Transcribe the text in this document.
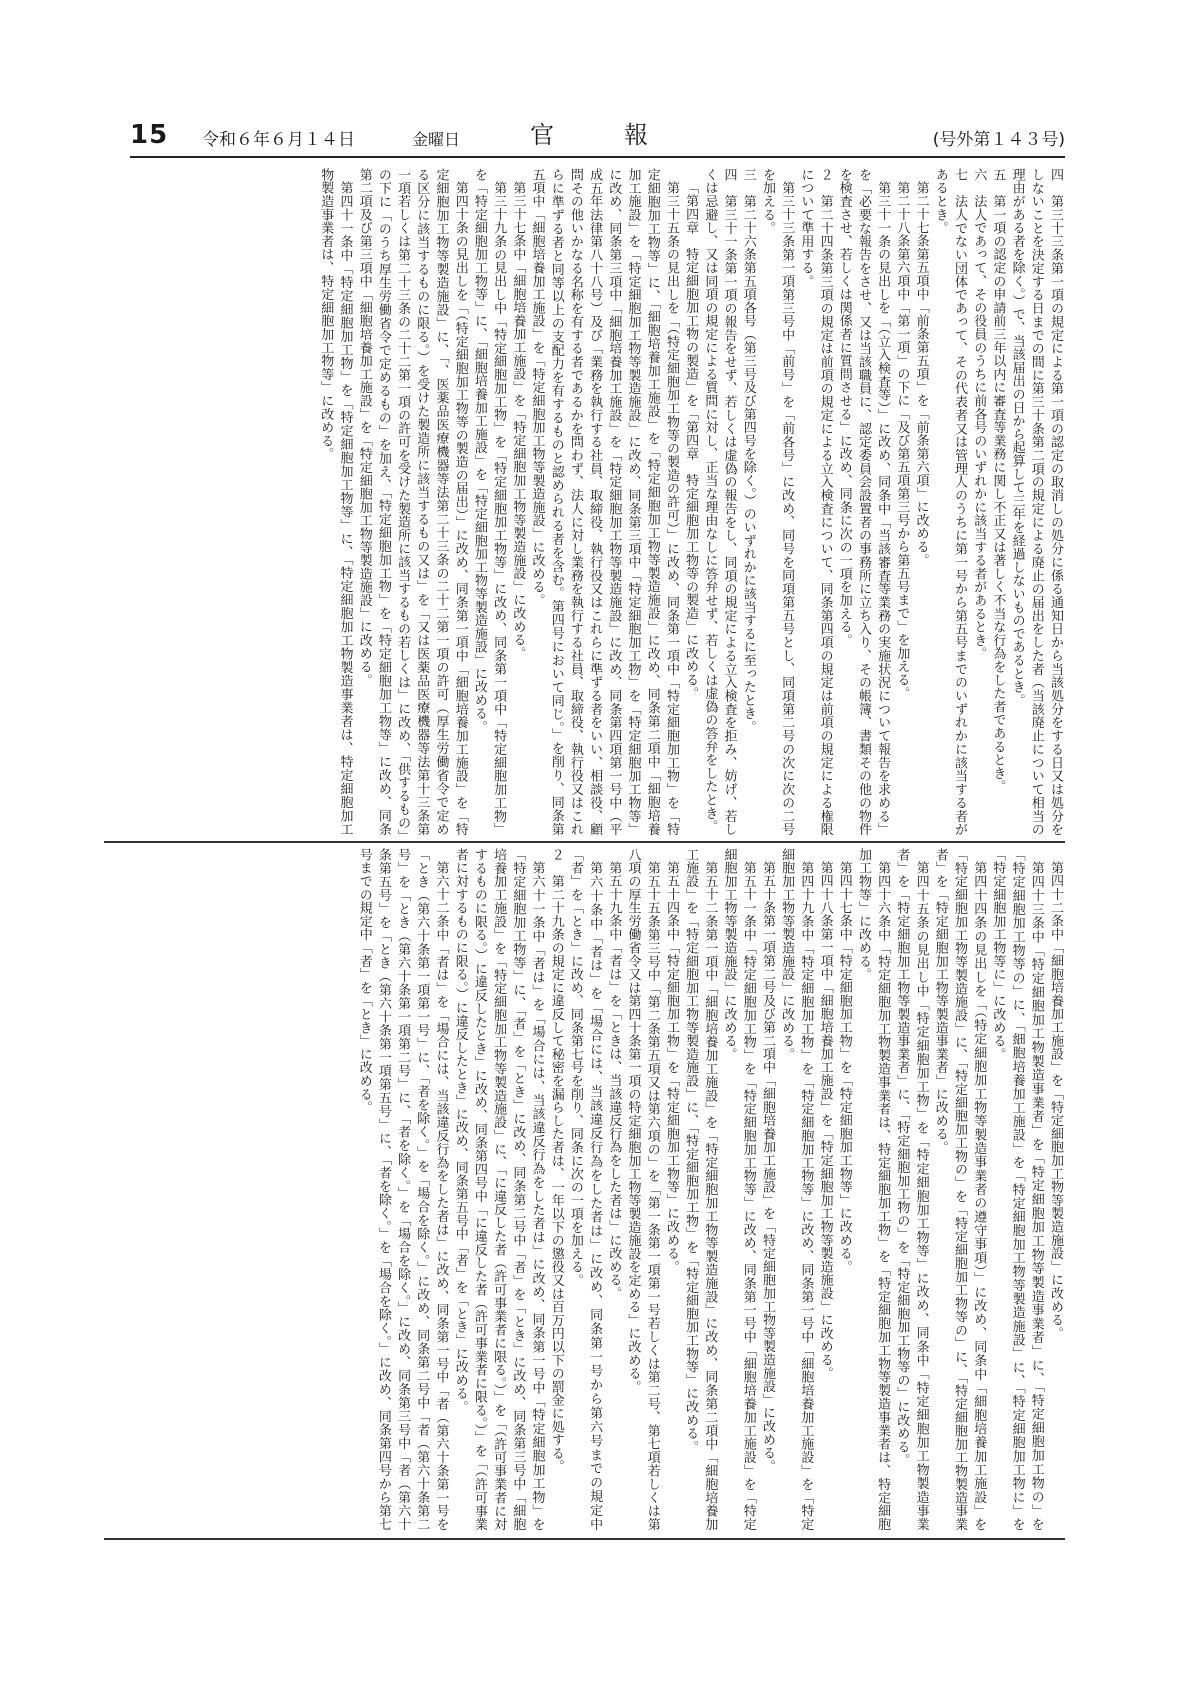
15 令和６年６月１４日	金曜日	官報	(号外第１４３号)

四　第三十三条第一項の規定による第一項の認定の取消しの処分に係る通知日から当該処分をする日又は処分をしないことを決定する日までの間に第三十条第二項の規定による廃止の届出をした者（当該廃止について相当の理由がある者を除く。）で、当該届出の日から起算して三年を経過しないものであるとき。

五　第一項の認定の申請前三年以内に審査等業務に関し不正又は著しく不当な行為をした者であるとき。

六　法人であって、その役員のうちに前各号のいずれかに該当する者があるとき。

七　法人でない団体であって、その代表者又は管理人のうちに第一号から第五号までのいずれかに該当する者があるとき。

第二十七条第五項中「前条第五項」を「前条第六項」に改める。

第二十八条第六項中「第一項」の下に「及び第五項第三号から第五号まで」を加える。

第三十一条の見出しを「（立入検査等）」に改め、同条中「当該審査等業務の実施状況について報告を求める」を「必要な報告をさせ、又は当該職員に、認定委員会設置者の事務所に立ち入り、その帳簿、書類その他の物件を検査させ、若しくは関係者に質問させる」に改め、同条に次の一項を加える。

２　第二十四条第三項の規定は前項の規定による立入検査について、同条第四項の規定は前項の規定による権限について準用する。

第三十三条第一項第三号中「前号」を「前各号」に改め、同号を同項第五号とし、同項第二号の次に次の二号を加える。

三　第二十六条第五項各号（第三号及び第四号を除く。）のいずれかに該当するに至ったとき。

四　第三十一条第一項の報告をせず、若しくは虚偽の報告をし、同項の規定による立入検査を拒み、妨げ、若しくは忌避し、又は同項の規定による質問に対し、正当な理由なしに答弁せず、若しくは虚偽の答弁をしたとき。

「第四章　特定細胞加工物の製造」を「第四章　特定細胞加工物等の製造」に改める。

第三十五条の見出しを「（特定細胞加工物等の製造の許可）」に改め、同条第一項中「特定細胞加工物」を「特定細胞加工物等」に、「細胞培養加工施設」を「特定細胞加工物等製造施設」に改め、同条第二項中「細胞培養加工施設」を「特定細胞加工物等製造施設」に改め、同条第三項中「特定細胞加工物」を「特定細胞加工物等」に改め、同条第三項中「細胞培養加工施設」を「特定細胞加工物等製造施設」に改め、同条第四項第一号中（平成五年法律第八十八号）及び「業務を執行する社員、取締役、執行役又はこれらに準ずる者をいい、相談役、顧問その他いかなる名称を有する者であるかを問わず、法人に対し業務を執行する社員、取締役、執行役又はこれらに準ずる者と同等以上の支配力を有するものと認められる者を含む。第四号において同じ。」を削り、同条第五項中「細胞培養加工施設」を「特定細胞加工物等製造施設」に改める。

第三十七条中「細胞培養加工施設」を「特定細胞加工物等製造施設」に改める。

第三十九条の見出し中「特定細胞加工物」を「特定細胞加工物等」に改め、同条第一項中「特定細胞加工物」を「特定細胞加工物等」に、「細胞培養加工施設」を「特定細胞加工物等製造施設」に改める。

第四十条の見出しを「（特定細胞加工物等の製造の届出）」に改め、同条第一項中「細胞培養加工施設」を「特定細胞加工物等製造施設」に、「、医薬品医療機器等法第二十三条の二十二第一項の許可（厚生労働省令で定める区分に該当するものに限る。）を受けた製造所に該当するもの又は」を「又は医薬品医療機器等法第十三条第一項若しくは第二十三条の二十二第一項の許可を受けた製造所に該当するもの若しくは」に改め、「供するもの」の下に「のうち厚生労働省令で定めるもの」を加え、「特定細胞加工物」を「特定細胞加工物等」に改め、同条第二項及び第三項中「細胞培養加工施設」を「特定細胞加工物等製造施設」に改める。

第四十一条中「特定細胞加工物」を「特定細胞加工物等」に、「特定細胞加工物製造事業者は、特定細胞加工物製造事業者は、特定細胞加工物等」に改める。

第四十二条中「細胞培養加工施設」を「特定細胞加工物等製造施設」に改める。

第四十三条中「特定細胞加工物製造事業者」を「特定細胞加工物等製造事業者」に、「特定細胞加工物の」を「特定細胞加工物等の」に、「細胞培養加工施設」を「特定細胞加工物等製造施設」に、「特定細胞加工物に」を「特定細胞加工物等に」に改める。

第四十四条の見出しを「（特定細胞加工物等製造事業者の遵守事項）」に改め、同条中「細胞培養加工施設」を「特定細胞加工物等製造施設」に、「特定細胞加工物の」を「特定細胞加工物等の」に、「特定細胞加工物製造事業者」を「特定細胞加工物等製造事業者」に改める。

第四十五条の見出し中「特定細胞加工物」を「特定細胞加工物等」に改め、同条中「特定細胞加工物製造事業者」を「特定細胞加工物等製造事業者」に、「特定細胞加工物の」を「特定細胞加工物等の」に改める。

第四十六条中「特定細胞加工物製造事業者は、特定細胞加工物」を「特定細胞加工物等製造事業者は、特定細胞加工物等」に改める。

第四十七条中「特定細胞加工物」を「特定細胞加工物等」に改める。

第四十八条第一項中「細胞培養加工施設」を「特定細胞加工物等製造施設」に改める。

第四十九条中「特定細胞加工物」を「特定細胞加工物等」に改め、同条第一号中「細胞培養加工施設」を「特定細胞加工物等製造施設」に改める。

第五十条第一項第二号及び第二項中「細胞培養加工施設」を「特定細胞加工物等製造施設」に改める。

第五十一条中「特定細胞加工物」を「特定細胞加工物等」に改め、同条第一号中「細胞培養加工施設」を「特定細胞加工物等製造施設」に改める。

第五十二条第一項中「細胞培養加工施設」を「特定細胞加工物等製造施設」に改め、同条第二項中「細胞培養加工施設」を「特定細胞加工物等製造施設」に、「特定細胞加工物」を「特定細胞加工物等」に改める。

第五十四条中「特定細胞加工物」を「特定細胞加工物等」に改める。

第五十五条第三号中「第二条第五項又は第六項の」を「第一条第一項第一号若しくは第二号、第七項若しくは第八項の厚生労働省令又は第四十条第一項の特定細胞加工物等製造施設を定める」に改める。

第五十九条中「者は」を「ときは、当該違反行為をした者は」に改める。

第六十条中「者は」を「場合には、当該違反行為をした者は」に改め、同条第一号から第六号までの規定中「者」を「とき」に改め、同条第七号を削り、同条に次の一項を加える。

２　第二十九条の規定に違反して秘密を漏らした者は、一年以下の懲役又は百万円以下の罰金に処する。

第六十一条中「者は」を「場合には、当該違反行為をした者は」に改め、同条第一号中「特定細胞加工物」を「特定細胞加工物等」に、「者」を「とき」に改め、同条第二号中「者」を「とき」に改め、同条第三号中「細胞培養加工施設」を「特定細胞加工物等製造施設」に、「に違反した者（許可事業者に限る。）」を「（許可事業者に対するものに限る。）に違反したとき」に改め、同条第四号中「に違反した者（許可事業者に限る。）」を「（許可事業者に対するものに限る。）に違反したとき」に改め、同条第五号中「者」を「とき」に改める。

第六十二条中「者は」を「場合には、当該違反行為をした者は」に改め、同条第一号中「者（第六十条第一号を「とき（第六十条第一項第一号」に、「者を除く。」を「場合を除く。」に改め、同条第二号中「者（第六十条第二号」を「とき（第六十条第一項第二号」に、「者を除く。」を「場合を除く。」に改め、同条第三号中「者（第六十条第五号」を「とき（第六十条第一項第五号」に、「者を除く。」を「場合を除く。」に改め、同条第四号から第七号までの規定中「者」を「とき」に改める。
